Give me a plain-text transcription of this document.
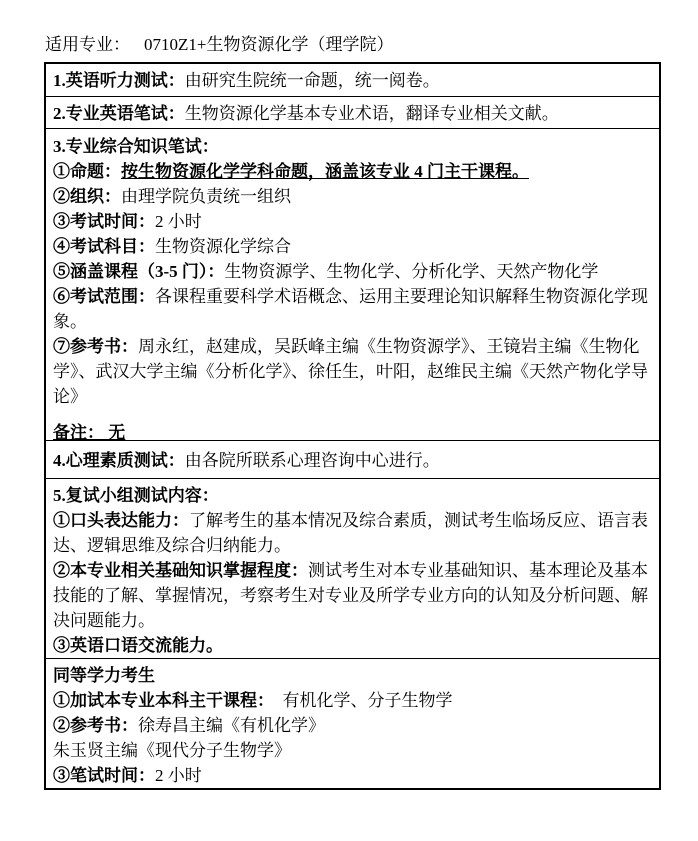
适用专业： 0710Z1+生物资源化学（理学院）
1.英语听力测试：由研究生院统一命题，统一阅卷。
2.专业英语笔试：生物资源化学基本专业术语，翻译专业相关文献。

3.专业综合知识笔试：

①命题：按生物资源化学学科命题，涵盖该专业 4 门主干课程。

②组织：由理学院负责统一组织

③考试时间：2 小时

④考试科目：生物资源化学综合

⑤涵盖课程（3-5 门）：生物资源学、生物化学、分析化学、天然产物化学

⑥考试范围：各课程重要科学术语概念、运用主要理论知识解释生物资源化学现象。

⑦参考书：周永红，赵建成，吴跃峰主编《生物资源学》、王镜岩主编《生物化学》、武汉大学主编《分析化学》、徐任生，叶阳，赵维民主编《天然产物化学导论》

备注： 无

4.心理素质测试：由各院所联系心理咨询中心进行。

5.复试小组测试内容：

①口头表达能力：了解考生的基本情况及综合素质，测试考生临场反应、语言表达、逻辑思维及综合归纳能力。

②本专业相关基础知识掌握程度：测试考生对本专业基础知识、基本理论及基本技能的了解、掌握情况，考察考生对专业及所学专业方向的认知及分析问题、解决问题能力。

③英语口语交流能力。

同等学力考生

①加试本专业本科主干课程：  有机化学、分子生物学

②参考书：徐寿昌主编《有机化学》

朱玉贤主编《现代分子生物学》

③笔试时间：2 小时
